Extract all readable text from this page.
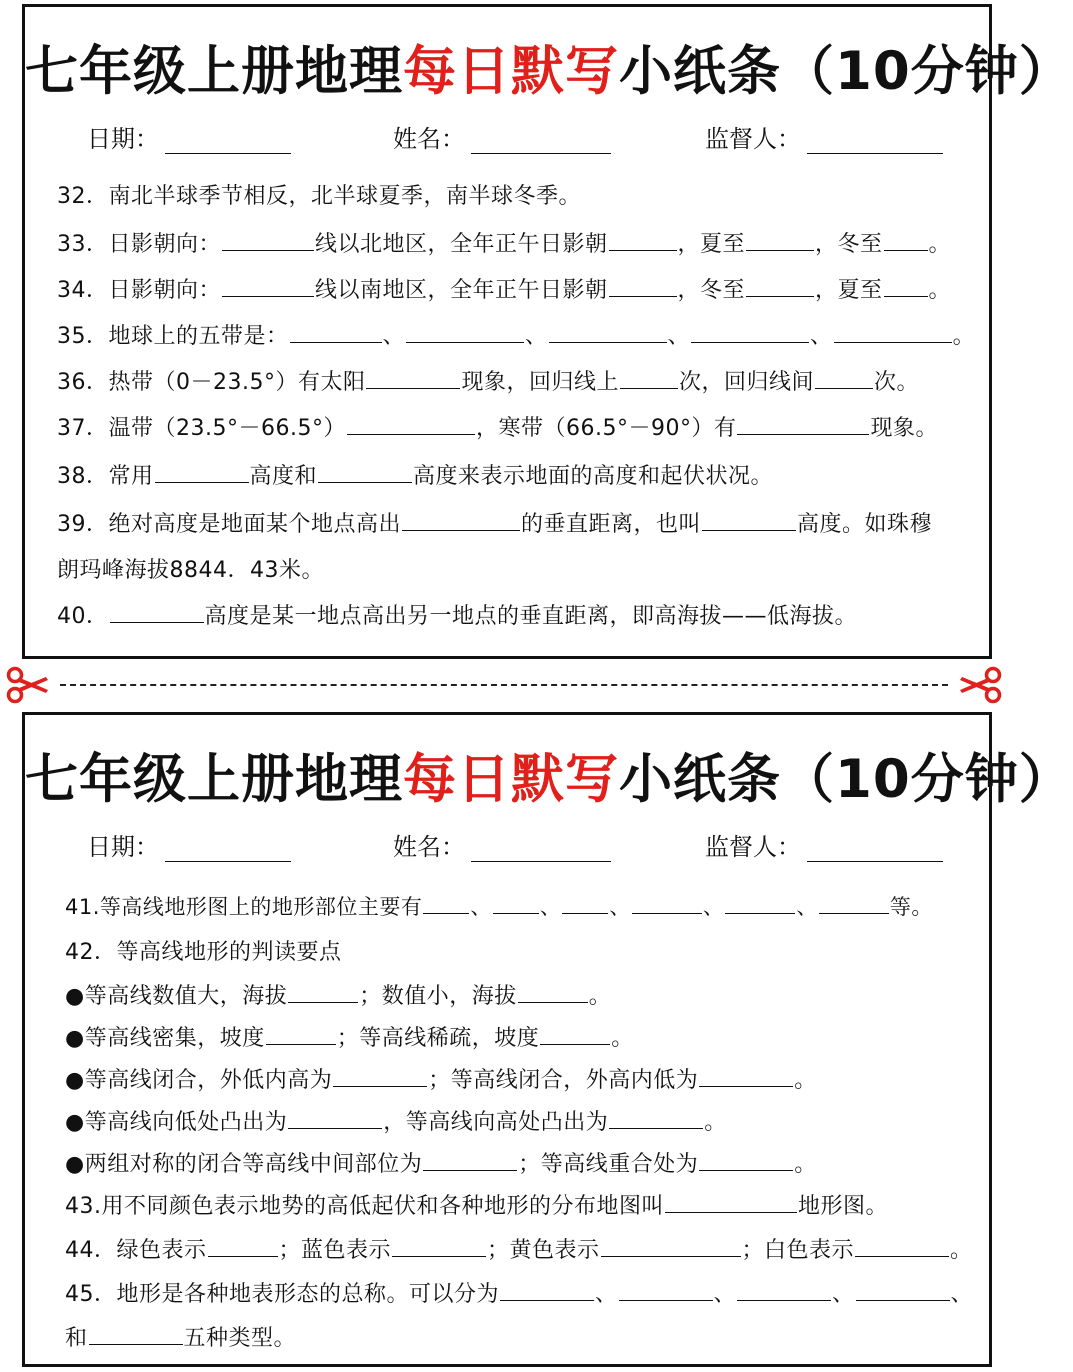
七年级上册地理每日默写小纸条（10分钟）
日期：	姓名：	监督人：
32．南北半球季节相反，北半球夏季，南半球冬季。
33．日影朝向：	线以北地区，全年正午日影朝	，夏至	，冬至 。
34．日影朝向：	线以南地区，全年正午日影朝	，冬至	，夏至 。
35．地球上的五带是：	、	、	、	、	。
36．热带（0－23.5°）有太阳	现象，回归线上	次，回归线间	次。
37．温带（23.5°－66.5°）	，寒带（66.5°－90°）有	现象。
38．常用	高度和	高度来表示地面的高度和起伏状况。
39．绝对高度是地面某个地点高出	的垂直距离，也叫	高度。如珠穆
朗玛峰海拔8844．43米。
40．	高度是某一地点高出另一地点的垂直距离，即高海拔——低海拔。
七年级上册地理每日默写小纸条（10分钟）
日期：	姓名：	监督人：
41.等高线地形图上的地形部位主要有 、 、 、	、	、	等。
42．等高线地形的判读要点
●等高线数值大，海拔	；数值小，海拔	。
●等高线密集，坡度	；等高线稀疏，坡度	。
●等高线闭合，外低内高为	；等高线闭合，外高内低为	。
●等高线向低处凸出为	，等高线向高处凸出为	。
●两组对称的闭合等高线中间部位为	；等高线重合处为	。
43.用不同颜色表示地势的高低起伏和各种地形的分布地图叫	地形图。
44．绿色表示	；蓝色表示	；黄色表示	；白色表示	。
45．地形是各种地表形态的总称。可以分为	、	、	、	、
和	五种类型。
